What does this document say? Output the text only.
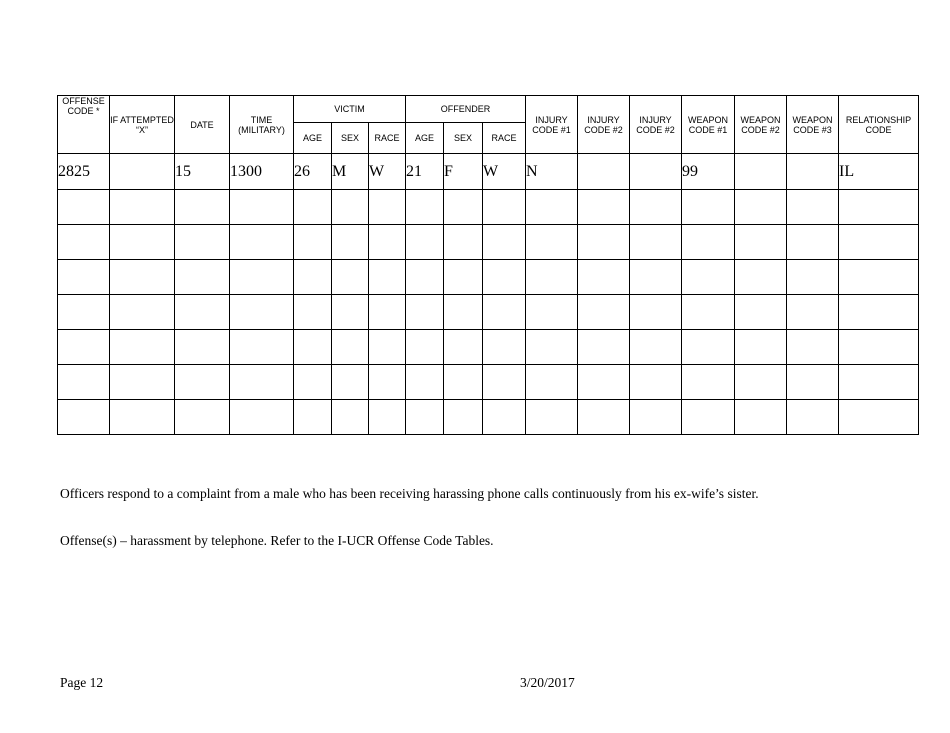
OFFENSE CODE *	IF ATTEMPTED “X”	DATE	TIME (MILITARY)	VICTIM			OFFENDER			INJURY CODE #1	INJURY CODE #2	INJURY CODE #2	WEAPON CODE #1	WEAPON CODE #2	WEAPON CODE #3	RELATIONSHIP CODE
				AGE	SEX	RACE	AGE	SEX	RACE							
2825		15	1300	26	M	W	21	F	W	N			99			IL

Officers respond to a complaint from a male who has been receiving harassing phone calls continuously from his ex-wife’s sister.
Offense(s) – harassment by telephone. Refer to the I-UCR Offense Code Tables.
Page 12	3/20/2017
